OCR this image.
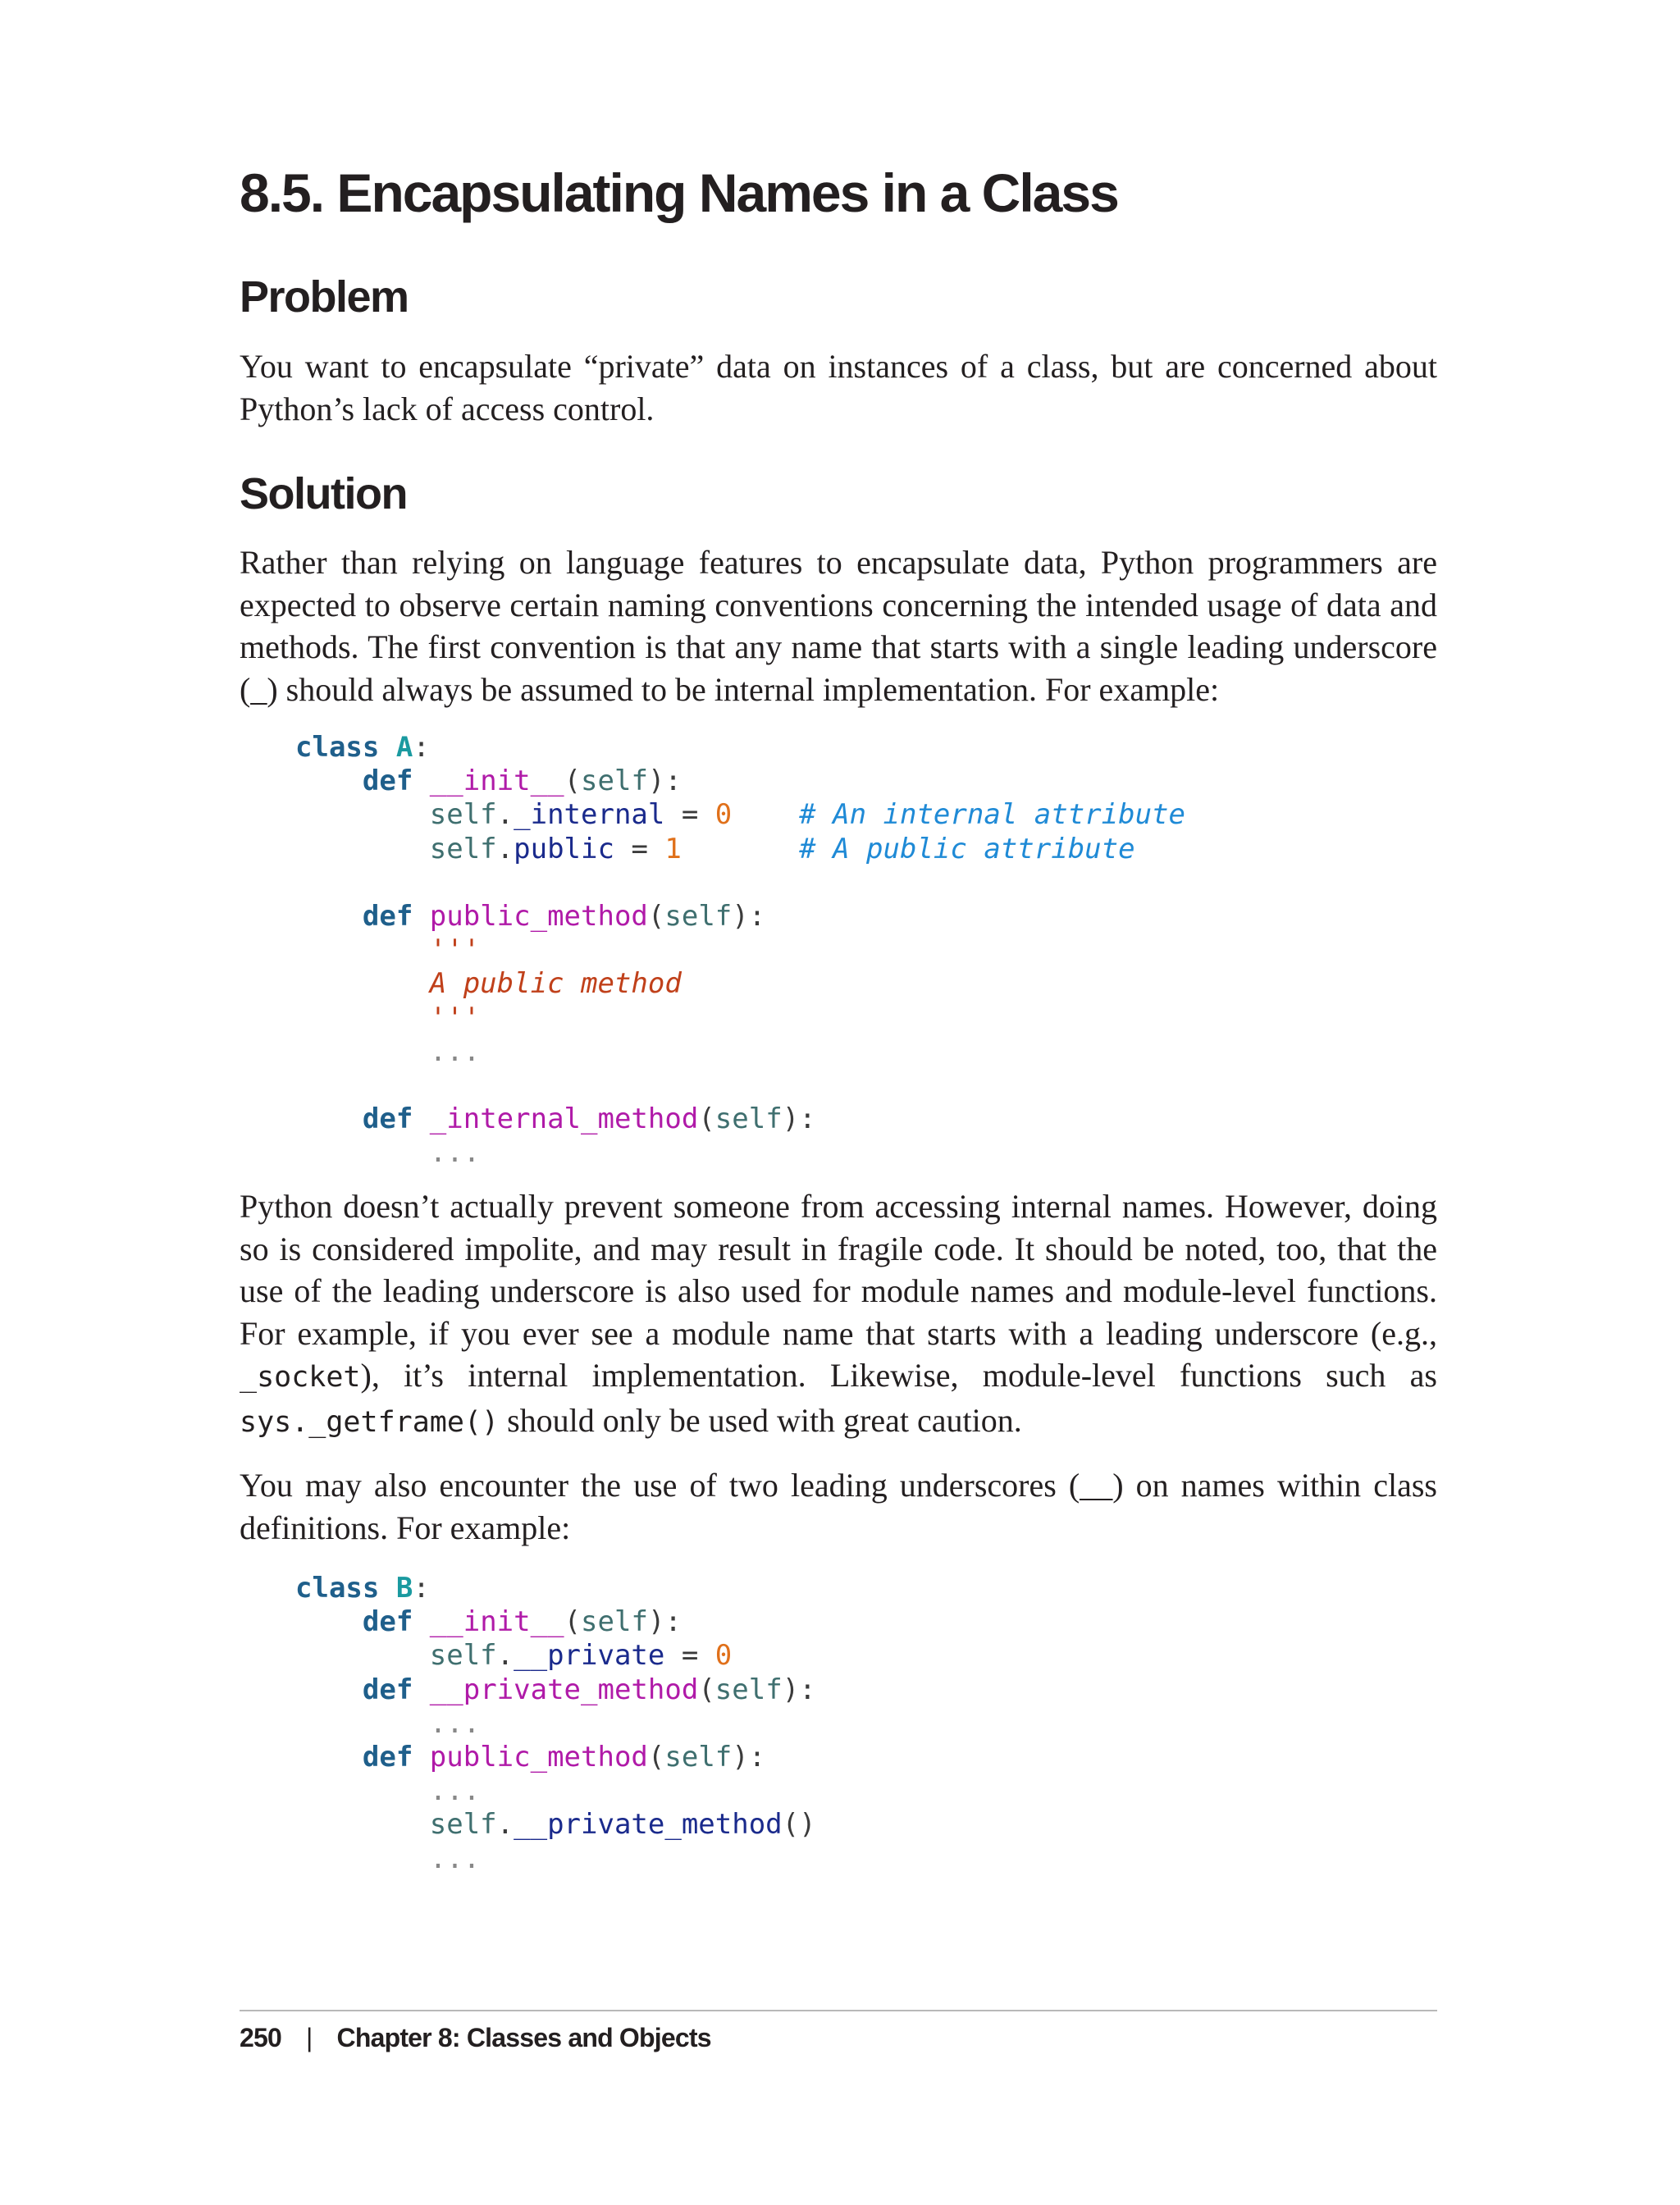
8.5. Encapsulating Names in a Class
Problem

You want to encapsulate “private” data on instances of a class, but are concerned about Python’s lack of access control.

Solution

Rather than relying on language features to encapsulate data, Python programmers are expected to observe certain naming conventions concerning the intended usage of data and methods. The first convention is that any name that starts with a single leading underscore (_) should always be assumed to be internal implementation. For example:

class A:
def __init__(self):
self._internal = 0 # An internal attribute
self.public = 1	# A public attribute

def public_method(self):
'''
A public method
'''
...

def _internal_method(self):
...

Python doesn’t actually prevent someone from accessing internal names. However, doing so is considered impolite, and may result in fragile code. It should be noted, too, that the use of the leading underscore is also used for module names and module-level functions. For example, if you ever see a module name that starts with a leading underscore (e.g., _socket), it’s internal implementation. Likewise, module-level functions such as sys._getframe() should only be used with great caution.

You may also encounter the use of two leading underscores (__) on names within class definitions. For example:

class B:
def __init__(self):
self.__private = 0
def __private_method(self):
...
def public_method(self):
...
self.__private_method()
...
250 | Chapter 8: Classes and Objects
